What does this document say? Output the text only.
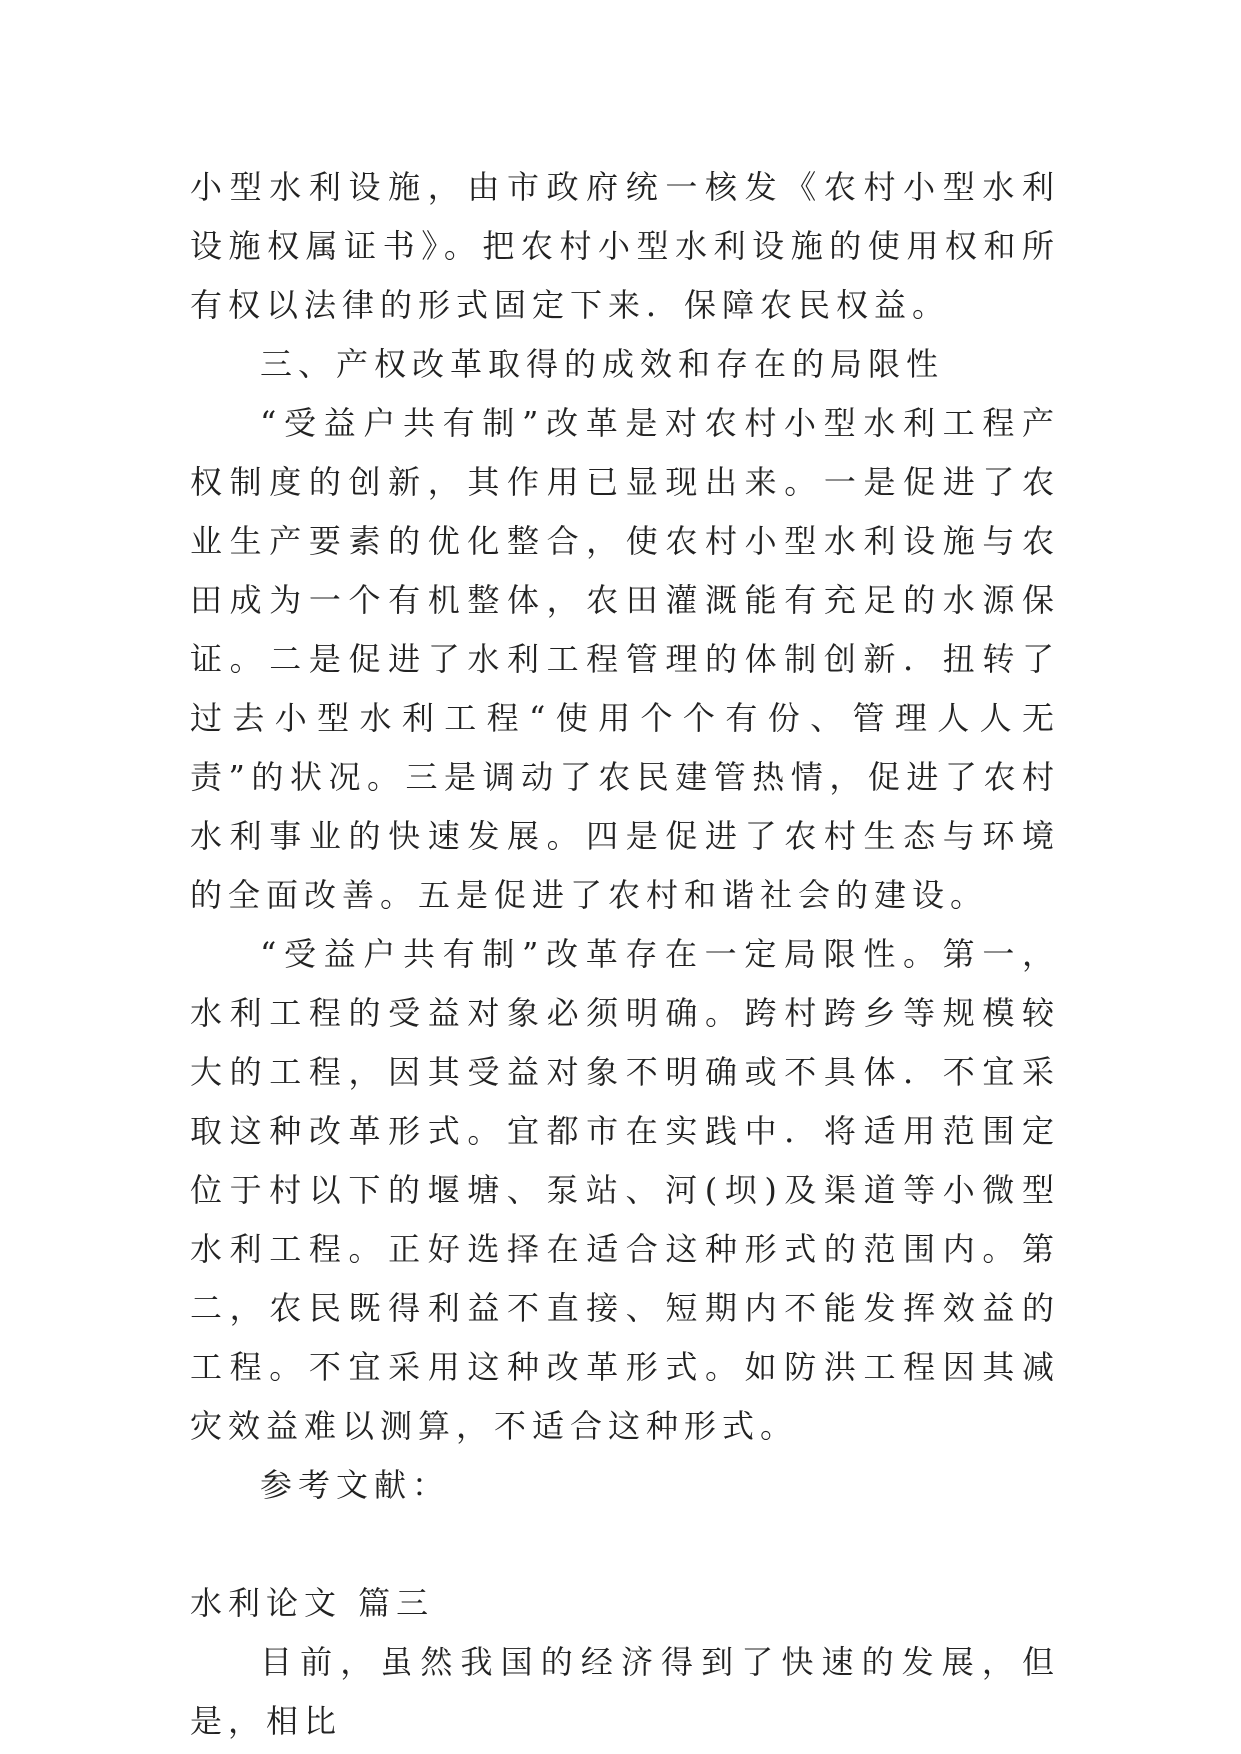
小型水利设施，由市政府统一核发《农村小型水利设施权属证书》。把农村小型水利设施的使用权和所有权以法律的形式固定下来．保障农民权益。

三、产权改革取得的成效和存在的局限性

“受益户共有制”改革是对农村小型水利工程产权制度的创新，其作用已显现出来。一是促进了农业生产要素的优化整合，使农村小型水利设施与农田成为一个有机整体，农田灌溉能有充足的水源保证。二是促进了水利工程管理的体制创新．扭转了过去小型水利工程“使用个个有份、管理人人无责”的状况。三是调动了农民建管热情，促进了农村水利事业的快速发展。四是促进了农村生态与环境的全面改善。五是促进了农村和谐社会的建设。

“受益户共有制”改革存在一定局限性。第一，水利工程的受益对象必须明确。跨村跨乡等规模较大的工程，因其受益对象不明确或不具体．不宜采取这种改革形式。宜都市在实践中．将适用范围定位于村以下的堰塘、泵站、河(坝)及渠道等小微型水利工程。正好选择在适合这种形式的范围内。第二，农民既得利益不直接、短期内不能发挥效益的工程。不宜采用这种改革形式。如防洪工程因其减灾效益难以测算，不适合这种形式。

参考文献：

水利论文 篇三

目前，虽然我国的经济得到了快速的发展，但是，相比
